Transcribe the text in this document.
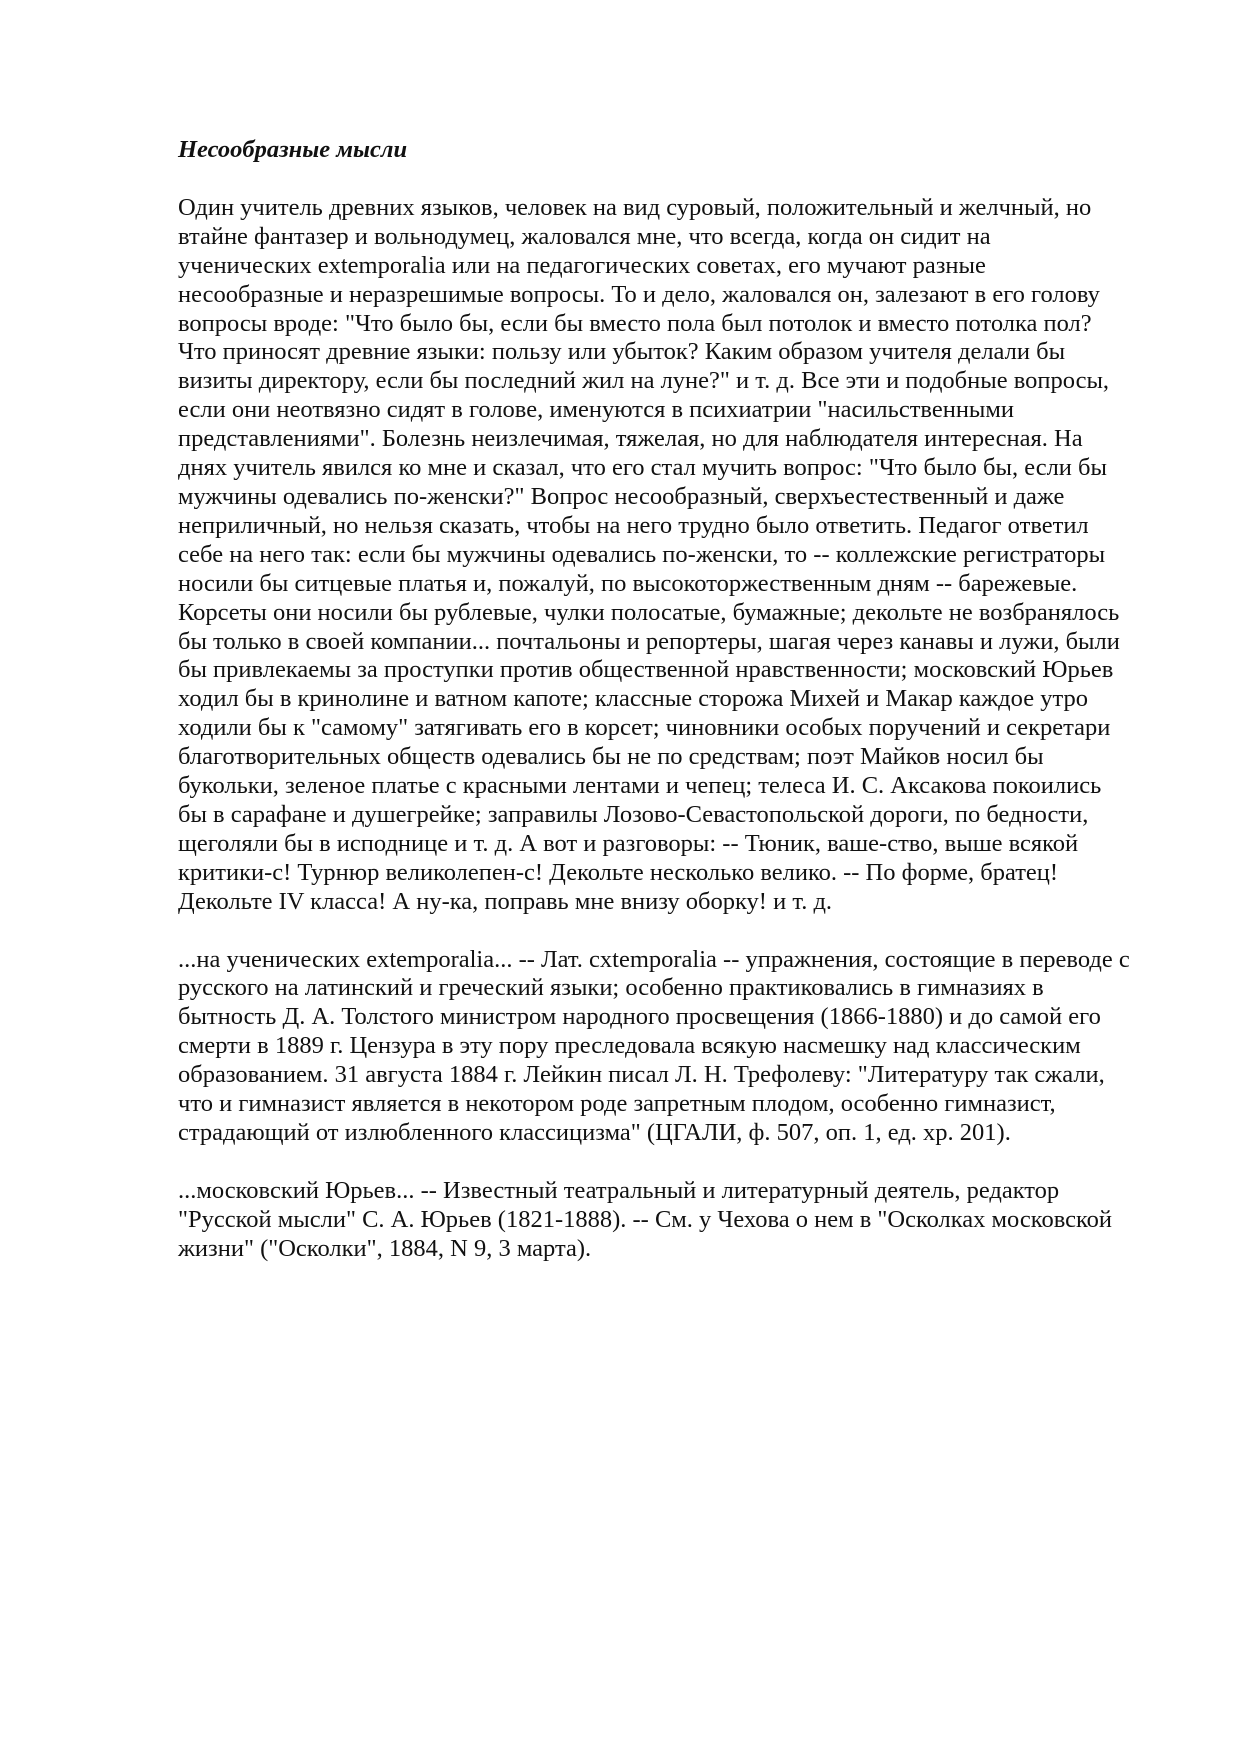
Несообразные мысли
Один учитель древних языков, человек на вид суровый, положительный и желчный, но
втайне фантазер и вольнодумец, жаловался мне, что всегда, когда он сидит на
ученических extemporalia или на педагогических советах, его мучают разные
несообразные и неразрешимые вопросы. То и дело, жаловался он, залезают в его голову
вопросы вроде: "Что было бы, если бы вместо пола был потолок и вместо потолка пол?
Что приносят древние языки: пользу или убыток? Каким образом учителя делали бы
визиты директору, если бы последний жил на луне?" и т. д. Все эти и подобные вопросы,
если они неотвязно сидят в голове, именуются в психиатрии "насильственными
представлениями". Болезнь неизлечимая, тяжелая, но для наблюдателя интересная. На
днях учитель явился ко мне и сказал, что его стал мучить вопрос: "Что было бы, если бы
мужчины одевались по-женски?" Вопрос несообразный, сверхъестественный и даже
неприличный, но нельзя сказать, чтобы на него трудно было ответить. Педагог ответил
себе на него так: если бы мужчины одевались по-женски, то -- коллежские регистраторы
носили бы ситцевые платья и, пожалуй, по высокоторжественным дням -- барежевые.
Корсеты они носили бы рублевые, чулки полосатые, бумажные; декольте не возбранялось
бы только в своей компании... почтальоны и репортеры, шагая через канавы и лужи, были
бы привлекаемы за проступки против общественной нравственности; московский Юрьев
ходил бы в кринолине и ватном капоте; классные сторожа Михей и Макар каждое утро
ходили бы к "самому" затягивать его в корсет; чиновники особых поручений и секретари
благотворительных обществ одевались бы не по средствам; поэт Майков носил бы
букольки, зеленое платье с красными лентами и чепец; телеса И. С. Аксакова покоились
бы в сарафане и душегрейке; заправилы Лозово-Севастопольской дороги, по бедности,
щеголяли бы в исподнице и т. д. А вот и разговоры: -- Тюник, ваше-ство, выше всякой
критики-с! Турнюр великолепен-с! Декольте несколько велико. -- По форме, братец!
Декольте IV класса! А ну-ка, поправь мне внизу оборку! и т. д.
...на ученических extemporalia... -- Лат. cxtemporalia -- упражнения, состоящие в переводе с
русского на латинский и греческий языки; особенно практиковались в гимназиях в
бытность Д. А. Толстого министром народного просвещения (1866-1880) и до самой его
смерти в 1889 г. Цензура в эту пору преследовала всякую насмешку над классическим
образованием. 31 августа 1884 г. Лейкин писал Л. Н. Трефолеву: "Литературу так сжали,
что и гимназист является в некотором роде запретным плодом, особенно гимназист,
страдающий от излюбленного классицизма" (ЦГАЛИ, ф. 507, оп. 1, ед. хр. 201).
...московский Юрьев... -- Известный театральный и литературный деятель, редактор
"Русской мысли" С. А. Юрьев (1821-1888). -- См. у Чехова о нем в "Осколках московской
жизни" ("Осколки", 1884, N 9, 3 марта).
